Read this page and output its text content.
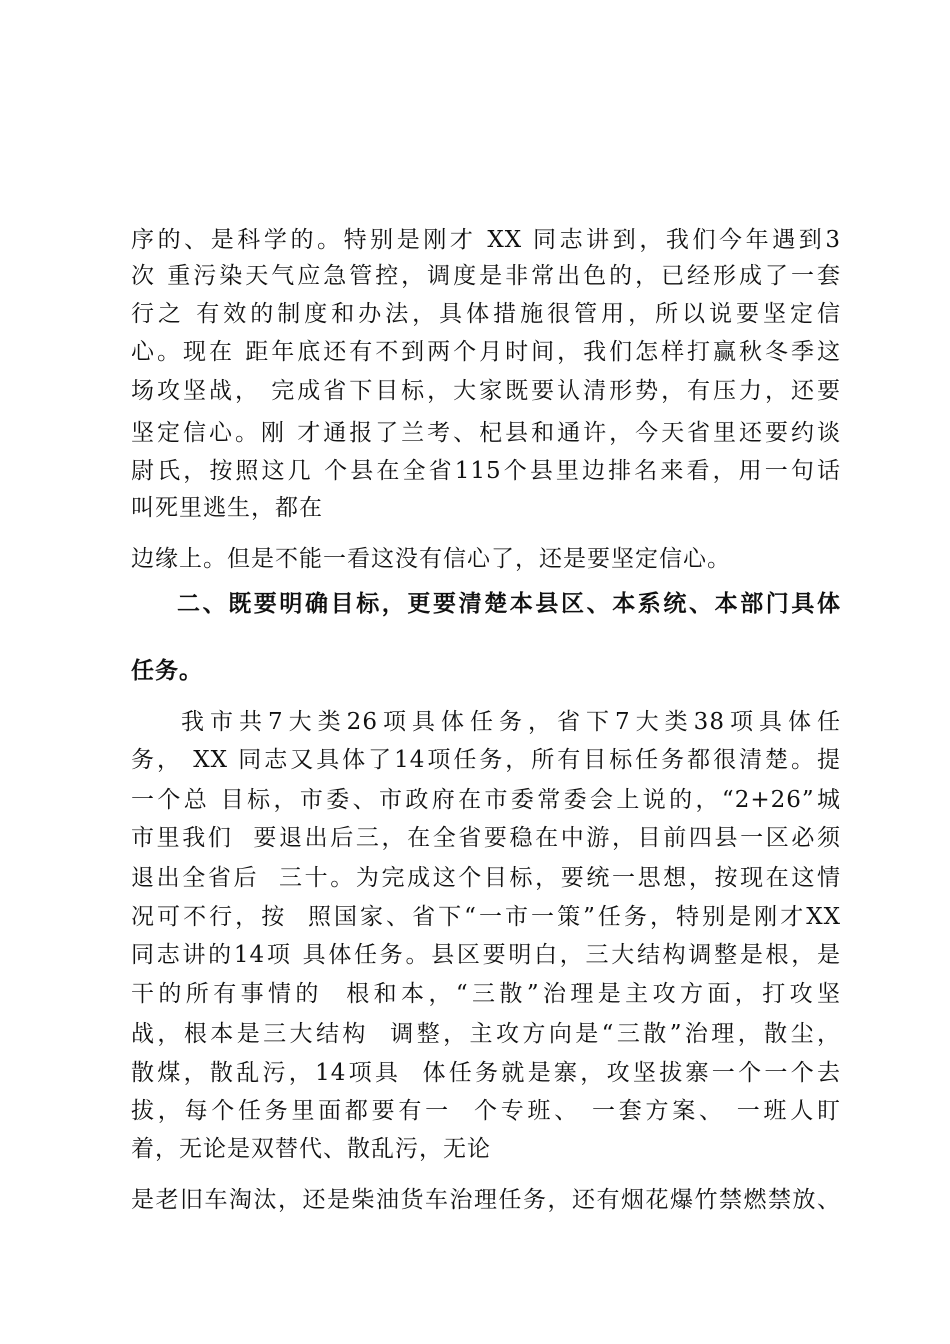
序的、是科学的。特别是刚才 XX 同志讲到，我们今年遇到3
次 重污染天气应急管控，调度是非常出色的，已经形成了一套
行之 有效的制度和办法，具体措施很管用，所以说要坚定信
心。现在 距年底还有不到两个月时间，我们怎样打赢秋冬季这
场攻坚战， 完成省下目标，大家既要认清形势，有压力，还要
坚定信心。刚 才通报了兰考、杞县和通许，今天省里还要约谈
尉氏，按照这几 个县在全省115个县里边排名来看，用一句话
叫死里逃生，都在
边缘上。但是不能一看这没有信心了，还是要坚定信心。
二、既要明确目标，更要清楚本县区、本系统、本部门具体
任务。
我市共7大类26项具体任务，省下7大类38项具体任
务， XX 同志又具体了14项任务，所有目标任务都很清楚。提
一个总 目标，市委、市政府在市委常委会上说的，“2+26”城
市里我们  要退出后三，在全省要稳在中游，目前四县一区必须
退出全省后  三十。为完成这个目标，要统一思想，按现在这情
况可不行，按  照国家、省下“一市一策”任务，特别是刚才XX
同志讲的14项 具体任务。县区要明白，三大结构调整是根，是
干的所有事情的  根和本，“三散”治理是主攻方面，打攻坚
战，根本是三大结构  调整，主攻方向是“三散”治理，散尘，
散煤，散乱污，14项具  体任务就是寨，攻坚拔寨一个一个去
拔，每个任务里面都要有一  个专班、 一套方案、 一班人盯
着，无论是双替代、散乱污，无论
是老旧车淘汰，还是柴油货车治理任务，还有烟花爆竹禁燃禁放、
